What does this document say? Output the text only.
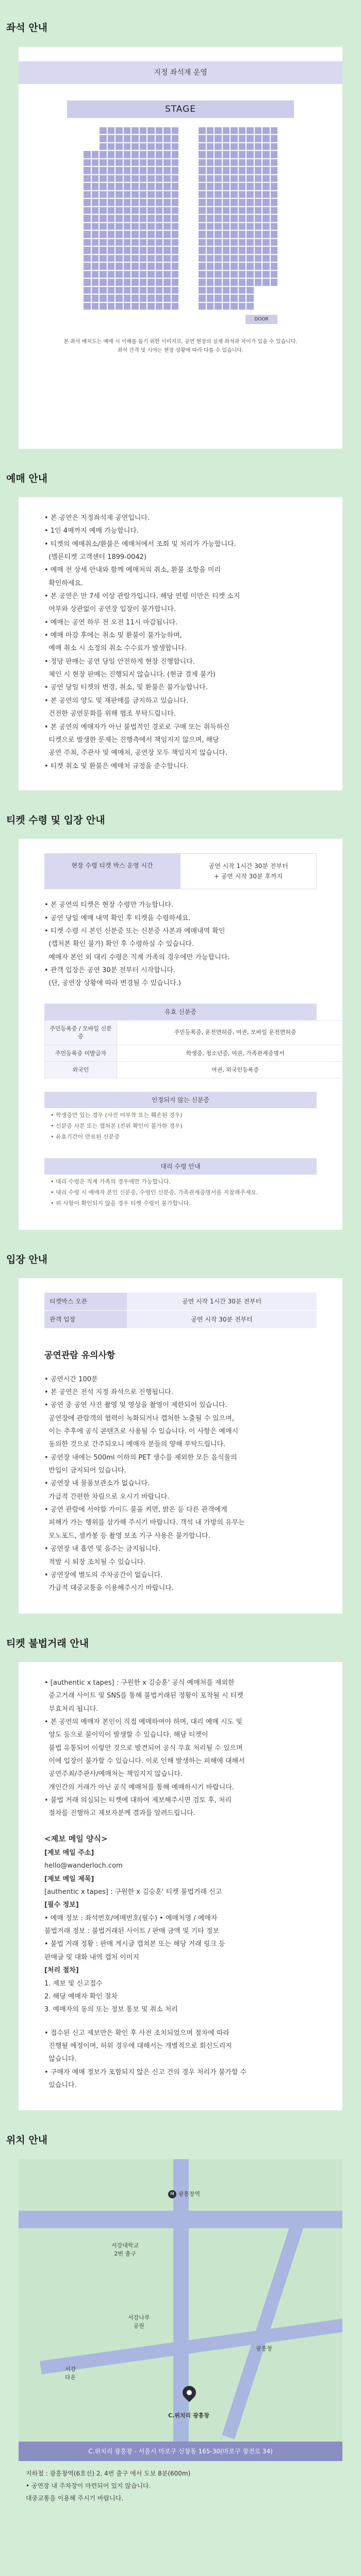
좌석 안내
지정 좌석제 운영
STAGE
DOOR
본 좌석 배치도는 예매 시 이해를 돕기 위한 이미지로, 공연 현장의 실제 좌석과 차이가 있을 수 있습니다.
좌석 간격 및 시야는 현장 상황에 따라 다를 수 있습니다.
예매 안내
• 본 공연은 지정좌석제 공연입니다.
• 1인 4매까지 예매 가능합니다.
• 티켓의 예매취소/환불은 예매처에서 조회 및 처리가 가능합니다.
(멜론티켓 고객센터 1899-0042)
• 예매 전 상세 안내와 함께 예매처의 취소, 환불 조항을 미리
확인하세요.
• 본 공연은 만 7세 이상 관람가입니다. 해당 연령 미만은 티켓 소지
여부와 상관없이 공연장 입장이 불가합니다.
• 예매는 공연 하루 전 오전 11시 마감됩니다.
• 예매 마감 후에는 취소 및 환불이 불가능하며,
예매 취소 시 소정의 취소 수수료가 발생합니다.
• 정당 판매는 공연 당일 안전하게 현장 진행합니다.
체인 시 현장 판매는 진행되지 않습니다. (현금 결제 불가)
• 공연 당일 티켓의 변경, 취소, 및 환불은 불가능합니다.
• 본 공연의 양도 및 재판매를 금지하고 있습니다.
건전한 공연문화를 위해 협조 부탁드립니다.
• 본 공연의 예매자가 아닌 불법적인 경로로 구매 또는 취득하신
티켓으로 발생한 문제는 진행측에서 책임지지 않으며, 해당
공연 주최, 주관사 및 예매처, 공연장 모두 책임지지 않습니다.
• 티켓 취소 및 환불은 예매처 규정을 준수합니다.
티켓 수령 및 입장 안내
현장 수령 티켓 박스 운영 시간	공연 시작 1시간 30분 전부터
+ 공연 시작 30분 후까지
• 본 공연의 티켓은 현장 수령만 가능합니다.
• 공연 당일 예매 내역 확인 후 티켓을 수령하세요.
• 티켓 수령 시 본인 신분증 또는 신분증 사본과 예매내역 확인
(캡처본 확인 불가) 확인 후 수령하실 수 있습니다.
예매자 본인 외 대리 수령은 직계 가족의 경우에만 가능합니다.
• 관객 입장은 공연 30분 전부터 시작합니다.
(단, 공연장 상황에 따라 변경될 수 있습니다.)
유효 신분증
주민등록증 / 모바일 신분증	주민등록증, 운전면허증, 여권, 모바일 운전면허증
주민등록증 미발급자	학생증, 청소년증, 여권, 가족관계증명서
외국인	여권, 외국인등록증
인정되지 않는 신분증
• 학생증만 있는 경우 (사진 미부착 또는 훼손된 경우)
• 신분증 사본 또는 캡처본 (진위 확인이 불가한 경우)
• 유효기간이 만료된 신분증
대리 수령 안내
• 대리 수령은 직계 가족의 경우에만 가능합니다.
• 대리 수령 시 예매자 본인 신분증, 수령인 신분증, 가족관계증명서를 지참해주세요.
• 위 사항이 확인되지 않을 경우 티켓 수령이 불가합니다.
입장 안내
티켓박스 오픈	공연 시작 1시간 30분 전부터
관객 입장	공연 시작 30분 전부터
공연관람 유의사항
• 공연시간 100분
• 본 공연은 전석 지정 좌석으로 진행됩니다.
• 공연 중 공연 사진 촬영 및 영상을 촬영이 제한되어 있습니다.
공연장에 관람객의 협력이 녹화되거나 캡처한 노출될 수 있으며,
이는 추후에 공식 콘텐츠로 사용될 수 있습니다. 이 사항은 예매시
동의한 것으로 간주되오니 예매자 분들의 양해 부탁드립니다.
• 공연장 내에는 500ml 이하의 PET 생수를 제외한 모든 음식물의
반입이 금지되어 있습니다.
• 공연장 내 물품보관소가 없습니다.
가급적 간편한 차림으로 오시기 바랍니다.
• 공연 관람에 서야할 가이드 불을 켜면, 밝은 등 다른 관객에게
피해가 가는 행위를 삼가해 주시기 바랍니다. 객석 내 가방의 유무는
모노포드, 셀카봉 등 촬영 보조 기구 사용은 불가합니다.
• 공연장 내 흡연 및 음주는 금지됩니다.
적발 시 퇴장 조치될 수 있습니다.
• 공연장에 별도의 주차공간이 없습니다.
가급적 대중교통을 이용해주시기 바랍니다.
티켓 불법거래 안내
• [authentic x tapes] : 구원한 x 김승훈' 공식 예매처를 제외한
중고거래 사이트 및 SNS를 통해 불법거래된 정황이 포착될 시 티켓
무효처리 됩니다.
• 본 공연의 예매자 본인이 직접 예매하여야 하며, 대리 예매 시도 및
양도 등으로 불이익이 발생할 수 있습니다. 해당 티켓이
불법 유통되어 이렇만 것으로 발견되어 공식 무효 처리될 수 있으며
이에 입장이 불가할 수 있습니다. 이로 인해 발생하는 피해에 대해서
공연주최/주관사/예매처는 책임지지 않습니다.
개인간의 거래가 아닌 공식 예매처를 통해 예매하시기 바랍니다.
• 불법 거래 의심되는 티켓에 대하여 제보해주시면 검토 후, 처리
절차를 진행하고 제보자분께 결과를 알려드립니다.
<제보 메일 양식>
[제보 메일 주소]
hello@wanderloch.com
[제보 메일 제목]
[authentic x tapes] : 구원한 x 김승훈' 티켓 불법거래 신고
[필수 정보]
• 예매 정보 : 좌석번호/예매번호(필수) • 예매처명 / 예매자
불법거래 정보 : 불법거래된 사이트 / 판매 금액 및 기타 정보
• 불법 거래 정황 : 판매 게시글 캡쳐본 또는 해당 거래 링크 등
판매글 및 대화 내역 캡처 이미지
[처리 절차]
1. 제보 및 신고접수
2. 해당 예매자 확인 절차
3. 예매자의 동의 또는 정보 통보 및 취소 처리
• 접수된 신고 제보만은 확인 후 사전 조치되었으며 절차에 따라
진행될 예정이며, 허위 경우에 대해서는 개별적으로 회신드리지
않습니다.
• 구매자 예매 정보가 포함되지 않은 신고 건의 경우 처리가 불가할 수
있습니다.
위치 안내
M 광흥창역
서강대학교
2번 출구
서강나루
공원
서강
타운
광흥창
C.위치리 광흥창
C.위치리 광흥창 - 서울시 마포구 신창동 165-30(마포구 창전로 34)
지하철 : 광흥창역(6호선) 2, 4번 출구 에서 도보 8분(600m)
• 공연장 내 주차장이 마련되어 있지 않습니다.
대중교통을 이용해 주시기 바랍니다.
